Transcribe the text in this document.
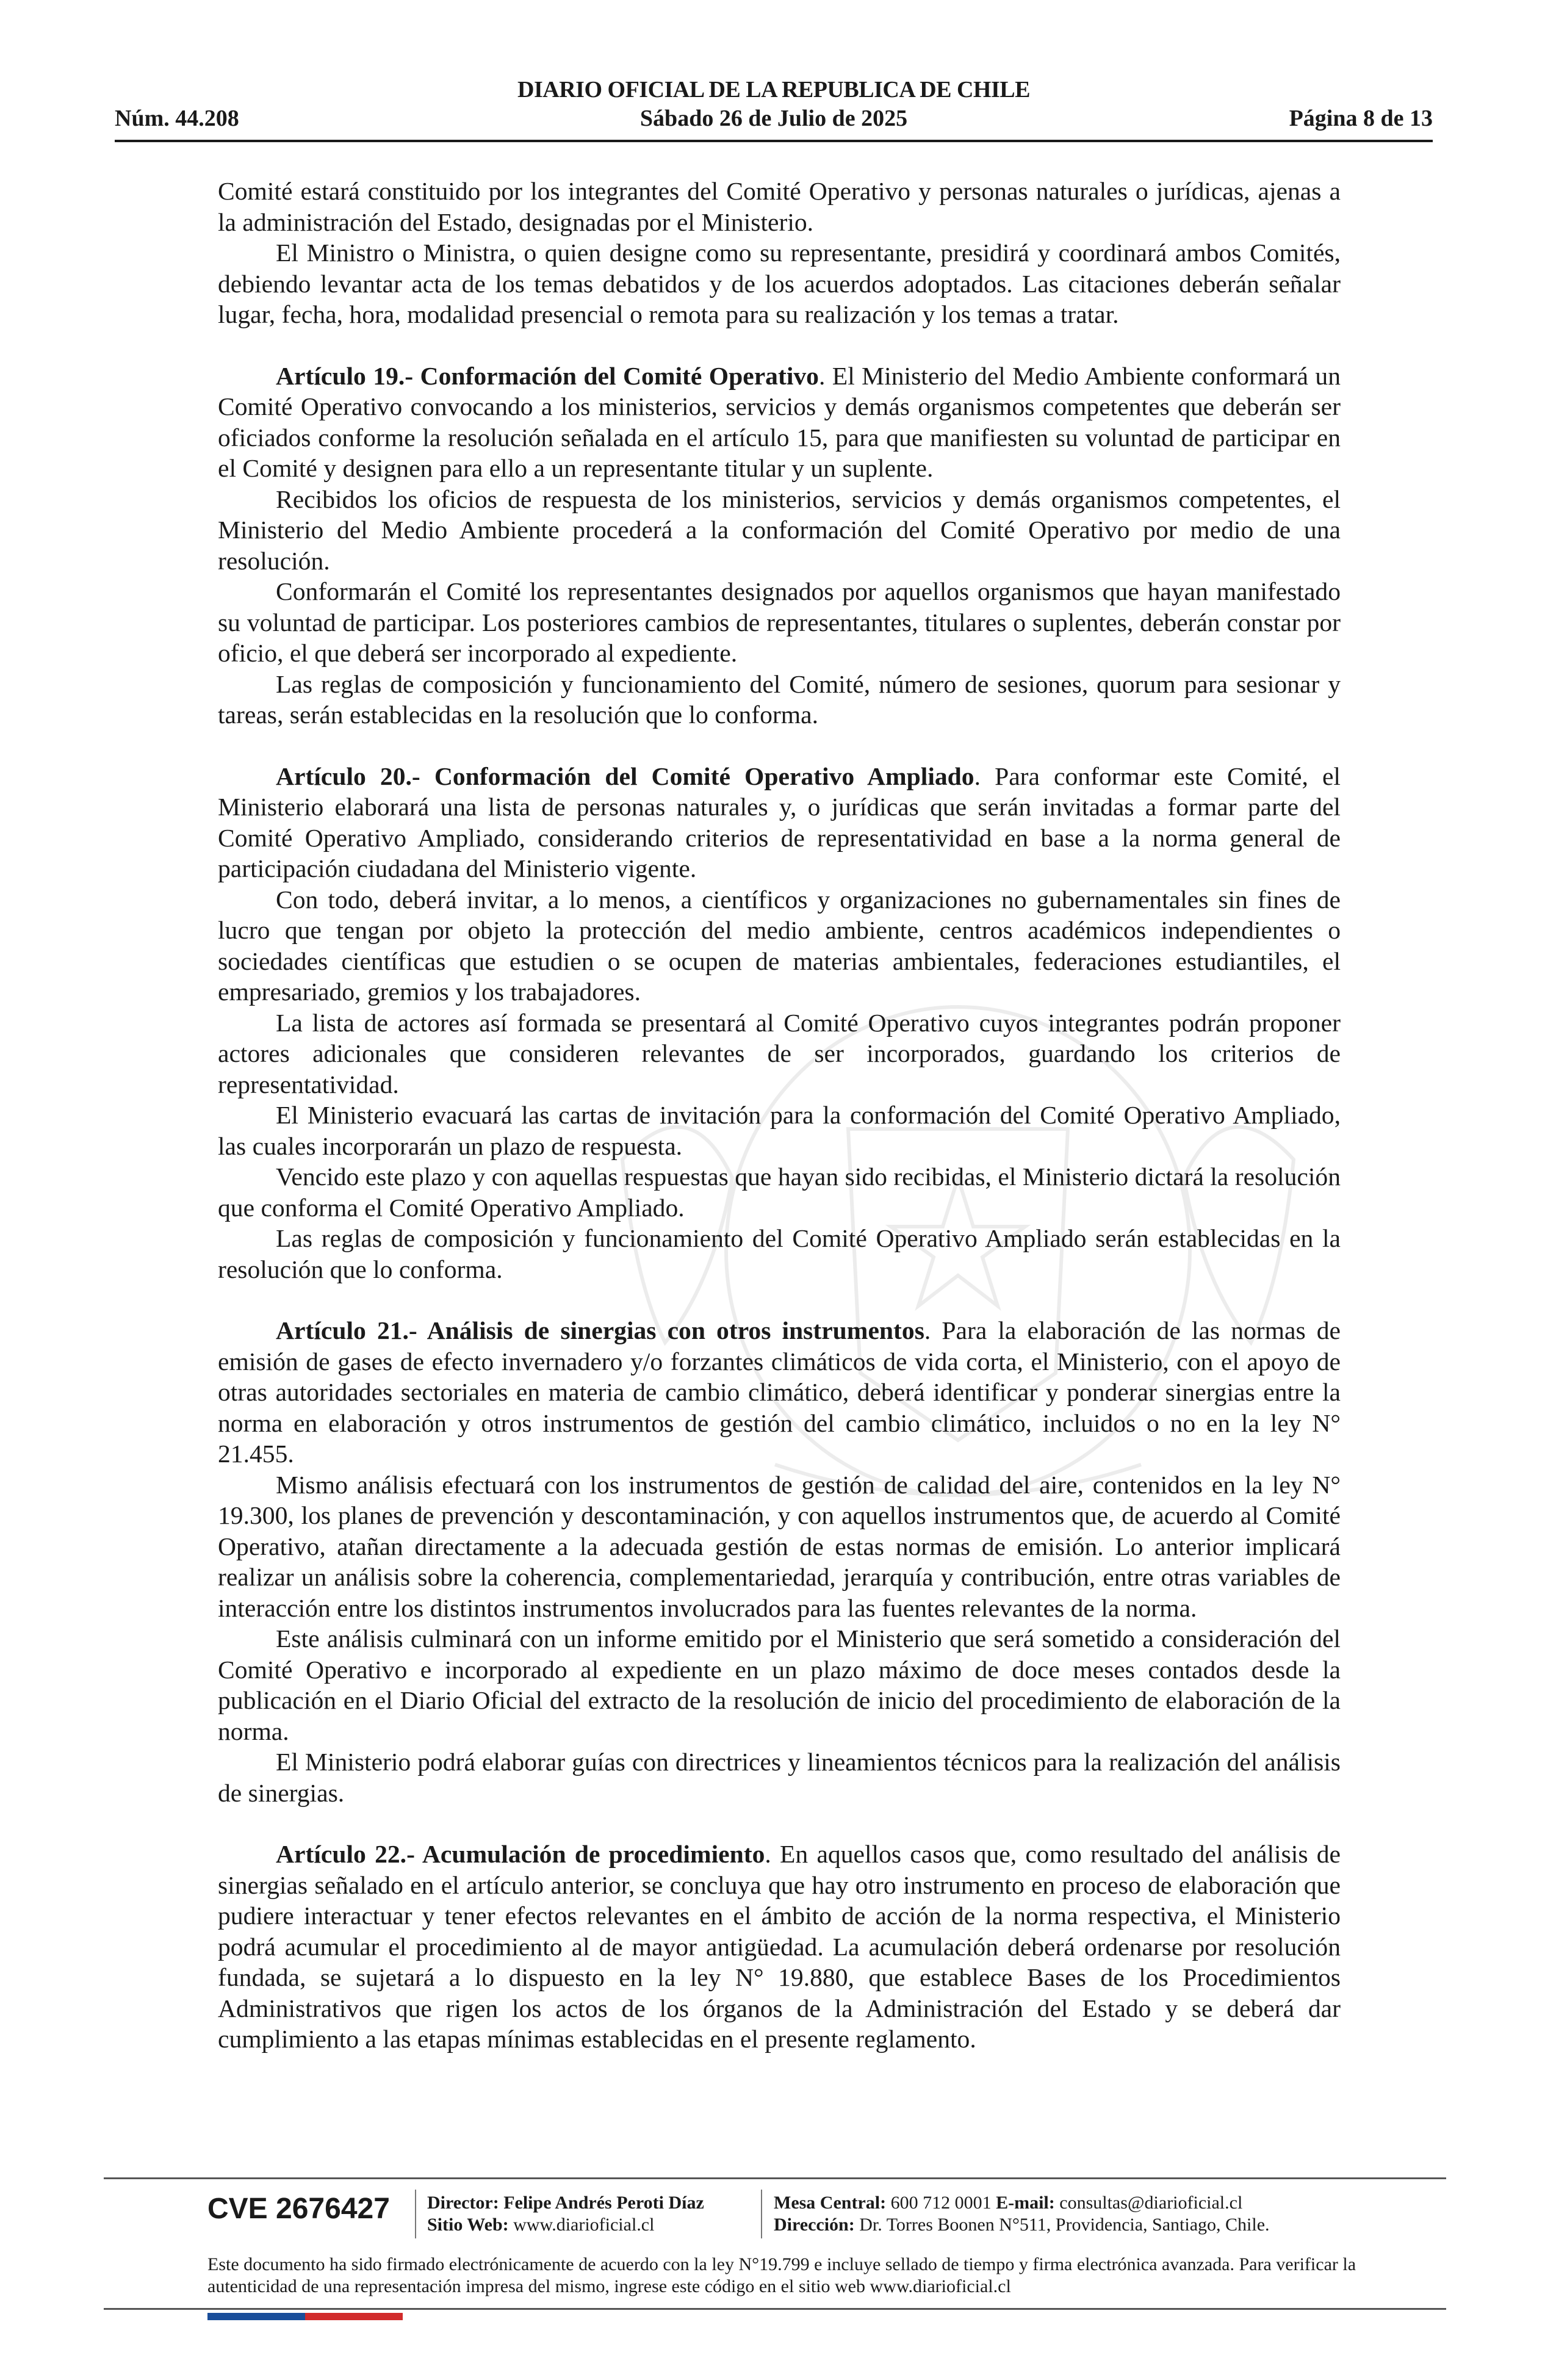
DIARIO OFICIAL DE LA REPUBLICA DE CHILE
Núm. 44.208	Sábado 26 de Julio de 2025	Página 8 de 13

Comité estará constituido por los integrantes del Comité Operativo y personas naturales o jurídicas, ajenas a la administración del Estado, designadas por el Ministerio.

El Ministro o Ministra, o quien designe como su representante, presidirá y coordinará ambos Comités, debiendo levantar acta de los temas debatidos y de los acuerdos adoptados. Las citaciones deberán señalar lugar, fecha, hora, modalidad presencial o remota para su realización y los temas a tratar.

Artículo 19.- Conformación del Comité Operativo. El Ministerio del Medio Ambiente conformará un Comité Operativo convocando a los ministerios, servicios y demás organismos competentes que deberán ser oficiados conforme la resolución señalada en el artículo 15, para que manifiesten su voluntad de participar en el Comité y designen para ello a un representante titular y un suplente.

Recibidos los oficios de respuesta de los ministerios, servicios y demás organismos competentes, el Ministerio del Medio Ambiente procederá a la conformación del Comité Operativo por medio de una resolución.

Conformarán el Comité los representantes designados por aquellos organismos que hayan manifestado su voluntad de participar. Los posteriores cambios de representantes, titulares o suplentes, deberán constar por oficio, el que deberá ser incorporado al expediente.

Las reglas de composición y funcionamiento del Comité, número de sesiones, quorum para sesionar y tareas, serán establecidas en la resolución que lo conforma.

Artículo 20.- Conformación del Comité Operativo Ampliado. Para conformar este Comité, el Ministerio elaborará una lista de personas naturales y, o jurídicas que serán invitadas a formar parte del Comité Operativo Ampliado, considerando criterios de representatividad en base a la norma general de participación ciudadana del Ministerio vigente.

Con todo, deberá invitar, a lo menos, a científicos y organizaciones no gubernamentales sin fines de lucro que tengan por objeto la protección del medio ambiente, centros académicos independientes o sociedades científicas que estudien o se ocupen de materias ambientales, federaciones estudiantiles, el empresariado, gremios y los trabajadores.

La lista de actores así formada se presentará al Comité Operativo cuyos integrantes podrán proponer actores adicionales que consideren relevantes de ser incorporados, guardando los criterios de representatividad.

El Ministerio evacuará las cartas de invitación para la conformación del Comité Operativo Ampliado, las cuales incorporarán un plazo de respuesta.

Vencido este plazo y con aquellas respuestas que hayan sido recibidas, el Ministerio dictará la resolución que conforma el Comité Operativo Ampliado.

Las reglas de composición y funcionamiento del Comité Operativo Ampliado serán establecidas en la resolución que lo conforma.

Artículo 21.- Análisis de sinergias con otros instrumentos. Para la elaboración de las normas de emisión de gases de efecto invernadero y/o forzantes climáticos de vida corta, el Ministerio, con el apoyo de otras autoridades sectoriales en materia de cambio climático, deberá identificar y ponderar sinergias entre la norma en elaboración y otros instrumentos de gestión del cambio climático, incluidos o no en la ley N° 21.455.

Mismo análisis efectuará con los instrumentos de gestión de calidad del aire, contenidos en la ley N° 19.300, los planes de prevención y descontaminación, y con aquellos instrumentos que, de acuerdo al Comité Operativo, atañan directamente a la adecuada gestión de estas normas de emisión. Lo anterior implicará realizar un análisis sobre la coherencia, complementariedad, jerarquía y contribución, entre otras variables de interacción entre los distintos instrumentos involucrados para las fuentes relevantes de la norma.

Este análisis culminará con un informe emitido por el Ministerio que será sometido a consideración del Comité Operativo e incorporado al expediente en un plazo máximo de doce meses contados desde la publicación en el Diario Oficial del extracto de la resolución de inicio del procedimiento de elaboración de la norma.

El Ministerio podrá elaborar guías con directrices y lineamientos técnicos para la realización del análisis de sinergias.

Artículo 22.- Acumulación de procedimiento. En aquellos casos que, como resultado del análisis de sinergias señalado en el artículo anterior, se concluya que hay otro instrumento en proceso de elaboración que pudiere interactuar y tener efectos relevantes en el ámbito de acción de la norma respectiva, el Ministerio podrá acumular el procedimiento al de mayor antigüedad. La acumulación deberá ordenarse por resolución fundada, se sujetará a lo dispuesto en la ley N° 19.880, que establece Bases de los Procedimientos Administrativos que rigen los actos de los órganos de la Administración del Estado y se deberá dar cumplimiento a las etapas mínimas establecidas en el presente reglamento.

CVE 2676427 Director: Felipe Andrés Peroti Díaz
Sitio Web: www.diarioficial.cl
Mesa Central: 600 712 0001 E-mail: consultas@diarioficial.cl
Dirección: Dr. Torres Boonen N°511, Providencia, Santiago, Chile.
Este documento ha sido firmado electrónicamente de acuerdo con la ley N°19.799 e incluye sellado de tiempo y firma electrónica avanzada. Para verificar la autenticidad de una representación impresa del mismo, ingrese este código en el sitio web www.diarioficial.cl
